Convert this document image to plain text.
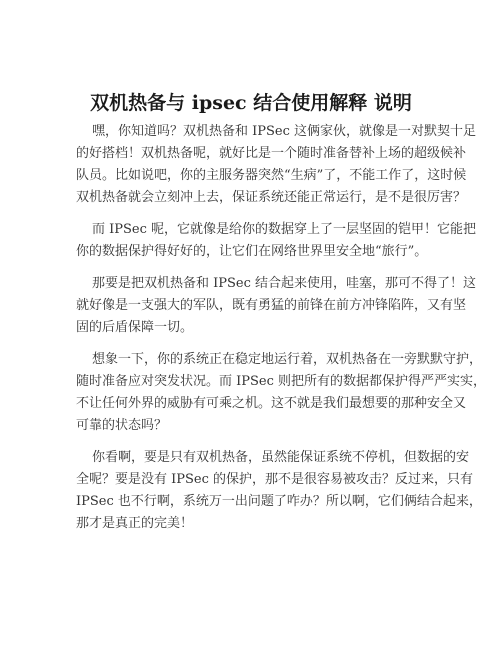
双机热备与 ipsec 结合使用解释 说明
嘿，你知道吗？双机热备和 IPSec 这俩家伙，就像是一对默契十足
的好搭档！双机热备呢，就好比是一个随时准备替补上场的超级候补
队员。比如说吧，你的主服务器突然“生病”了，不能工作了，这时候
双机热备就会立刻冲上去，保证系统还能正常运行，是不是很厉害？
而 IPSec 呢，它就像是给你的数据穿上了一层坚固的铠甲！它能把
你的数据保护得好好的，让它们在网络世界里安全地“旅行”。
那要是把双机热备和 IPSec 结合起来使用，哇塞，那可不得了！这
就好像是一支强大的军队，既有勇猛的前锋在前方冲锋陷阵，又有坚
固的后盾保障一切。
想象一下，你的系统正在稳定地运行着，双机热备在一旁默默守护，
随时准备应对突发状况。而 IPSec 则把所有的数据都保护得严严实实，
不让任何外界的威胁有可乘之机。这不就是我们最想要的那种安全又
可靠的状态吗？
你看啊，要是只有双机热备，虽然能保证系统不停机，但数据的安
全呢？要是没有 IPSec 的保护，那不是很容易被攻击？反过来，只有
IPSec 也不行啊，系统万一出问题了咋办？所以啊，它们俩结合起来，
那才是真正的完美！
